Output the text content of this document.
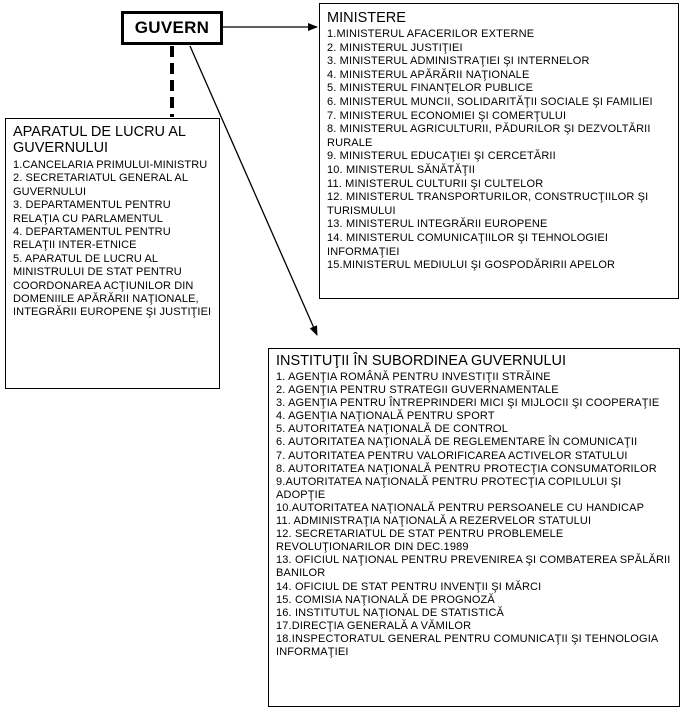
GUVERN	MINISTERE
1.MINISTERUL AFACERILOR EXTERNE
2. MINISTERUL JUSTIŢIEI
3. MINISTERUL ADMINISTRAŢIEI ŞI INTERNELOR
4. MINISTERUL APĂRĂRII NAŢIONALE
5. MINISTERUL FINANŢELOR PUBLICE
6. MINISTERUL MUNCII, SOLIDARITĂŢII SOCIALE ŞI FAMILIEI
7. MINISTERUL ECONOMIEI ŞI COMERŢULUI
8. MINISTERUL AGRICULTURII, PĂDURILOR ŞI DEZVOLTĂRII RURALE
9. MINISTERUL EDUCAŢIEI ŞI CERCETĂRII
10. MINISTERUL SĂNĂTĂŢII
11. MINISTERUL CULTURII ŞI CULTELOR
12. MINISTERUL TRANSPORTURILOR, CONSTRUCŢIILOR ŞI TURISMULUI
13. MINISTERUL INTEGRĂRII EUROPENE
14. MINISTERUL COMUNICAŢIILOR ŞI TEHNOLOGIEI INFORMAŢIEI
15.MINISTERUL MEDIULUI ŞI GOSPODĂRIRII APELOR
APARATUL DE LUCRU AL GUVERNULUI
1.CANCELARIA PRIMULUI-MINISTRU
2. SECRETARIATUL GENERAL AL GUVERNULUI
3. DEPARTAMENTUL PENTRU RELAŢIA CU PARLAMENTUL
4. DEPARTAMENTUL PENTRU RELAŢII INTER-ETNICE
5. APARATUL DE LUCRU AL MINISTRULUI DE STAT PENTRU COORDONAREA ACŢIUNILOR DIN DOMENIILE APĂRĂRII NAŢIONALE, INTEGRĂRII EUROPENE ŞI JUSTIŢIEI
INSTITUŢII ÎN SUBORDINEA GUVERNULUI
1. AGENŢIA ROMÂNĂ PENTRU INVESTIŢII STRĂINE
2. AGENŢIA PENTRU STRATEGII GUVERNAMENTALE
3. AGENŢIA PENTRU ÎNTREPRINDERI MICI ŞI MIJLOCII ŞI COOPERAŢIE
4. AGENŢIA NAŢIONALĂ PENTRU SPORT
5. AUTORITATEA NAŢIONALĂ DE CONTROL
6. AUTORITATEA NAŢIONALĂ DE REGLEMENTARE ÎN COMUNICAŢII
7. AUTORITATEA PENTRU VALORIFICAREA ACTIVELOR STATULUI
8. AUTORITATEA NAŢIONALĂ PENTRU PROTECŢIA CONSUMATORILOR
9.AUTORITATEA NAŢIONALĂ PENTRU PROTECŢIA COPILULUI ŞI ADOPŢIE
10.AUTORITATEA NAŢIONALĂ PENTRU PERSOANELE CU HANDICAP
11. ADMINISTRAŢIA NAŢIONALĂ A REZERVELOR STATULUI
12. SECRETARIATUL DE STAT PENTRU PROBLEMELE REVOLUŢIONARILOR DIN DEC.1989
13. OFICIUL NAŢIONAL PENTRU PREVENIREA ŞI COMBATEREA SPĂLĂRII BANILOR
14. OFICIUL DE STAT PENTRU INVENŢII ŞI MĂRCI
15. COMISIA NAŢIONALĂ DE PROGNOZĂ
16. INSTITUTUL NAŢIONAL DE STATISTICĂ
17.DIRECŢIA GENERALĂ A VĂMILOR
18.INSPECTORATUL GENERAL PENTRU COMUNICAŢII ŞI TEHNOLOGIA INFORMAŢIEI
